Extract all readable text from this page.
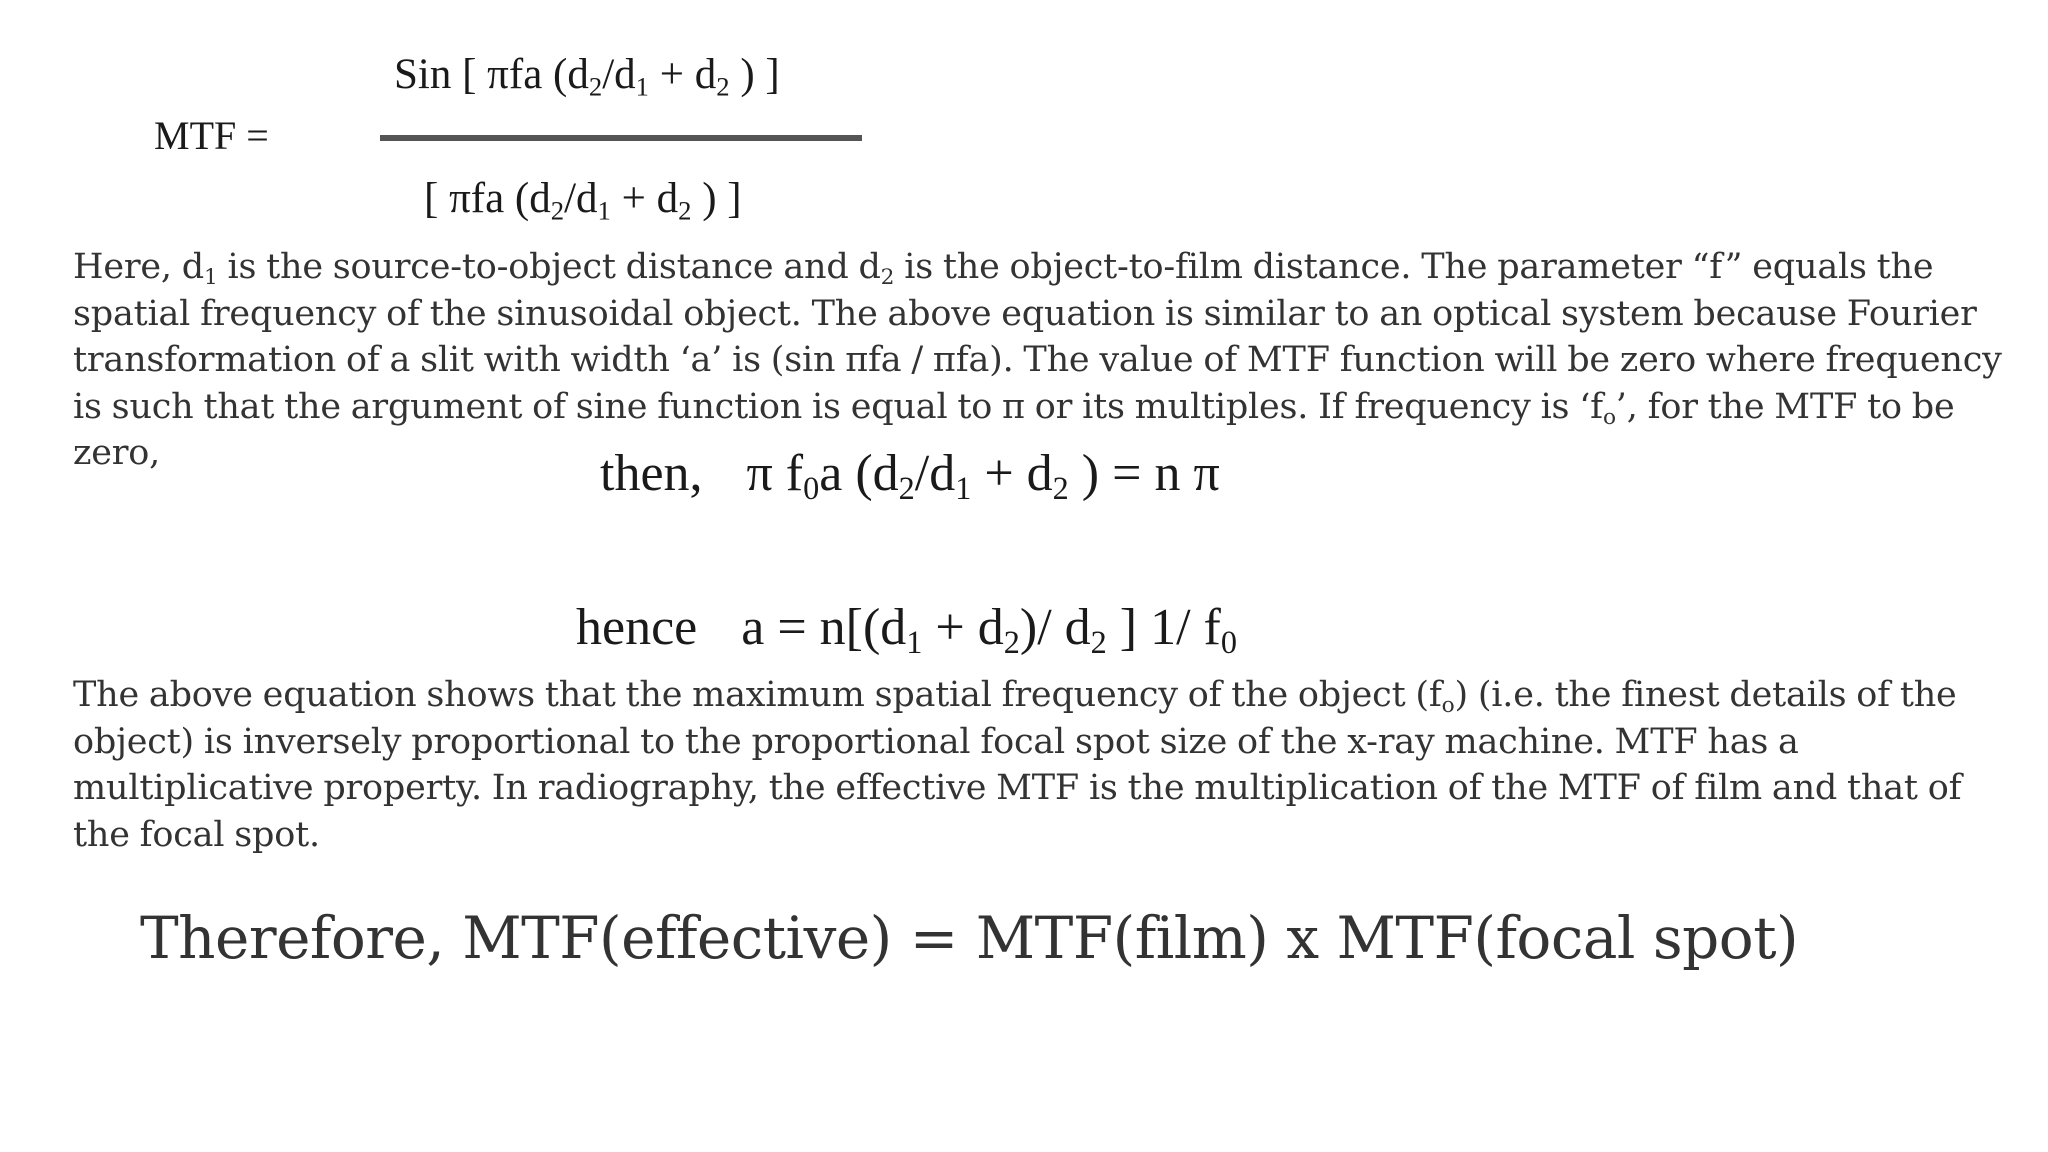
MTF =
Sin [ πfa ($d_2/d_1 + d_2$ ) ]
[ πfa ($d_2/d_1 + d_2$ ) ]

Here, $d_1$ is the source-to-object distance and $d_2$ is the object-to-film distance. The parameter “f” equals the spatial frequency of the sinusoidal object. The above equation is similar to an optical system because Fourier transformation of a slit with width ‘a’ is (sin πfa / πfa). The value of MTF function will be zero where frequency is such that the argument of sine function is equal to π or its multiples. If frequency is ‘$f_o$’, for the MTF to be zero,	then, π $f_0a$ ($d_2/d_1 + d_2$ ) = n π
hence $a = n[(d_1 + d_2)/$ $d_2$ ] 1/ $f_0$

The above equation shows that the maximum spatial frequency of the object $(f_o)$ (i.e. the finest details of the object) is inversely proportional to the proportional focal spot size of the x-ray machine. MTF has a multiplicative property. In radiography, the effective MTF is the multiplication of the MTF of film and that of the focal spot.

Therefore, MTF(effective) = MTF(film) x MTF(focal spot)
